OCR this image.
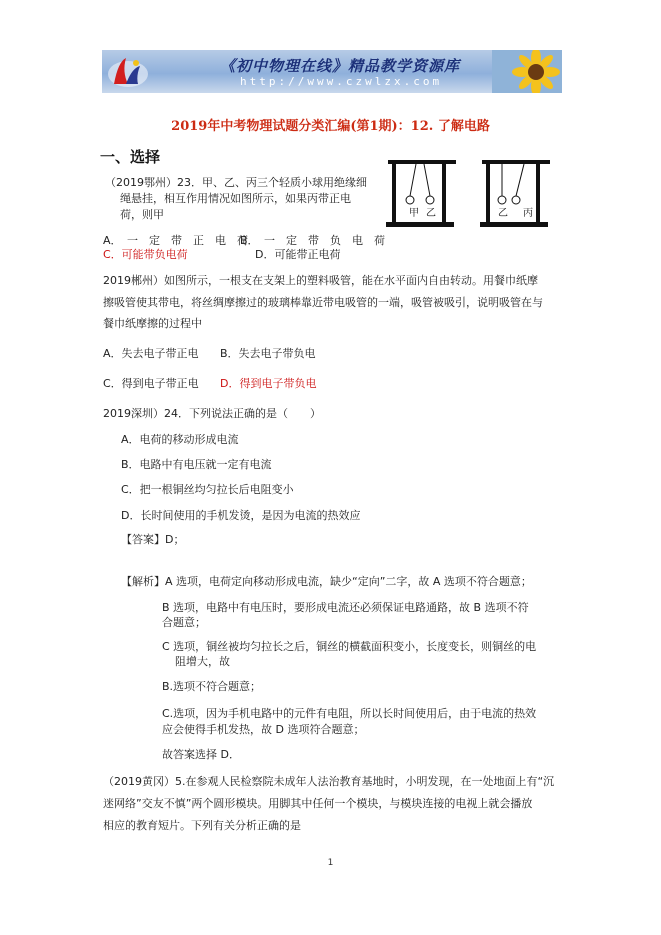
《初中物理在线》精品教学资源库
http://www.czwlzx.com
2019年中考物理试题分类汇编(第1期)：12. 了解电路
一、选择
（2019鄂州）23．甲、乙、丙三个轻质小球用绝缘细
绳悬挂，相互作用情况如图所示，如果丙带正电
荷，则甲
A．　一　定　带　正　电　荷
B．　一　定　带　负　电　荷
C．可能带负电荷	D．可能带正电荷
甲 乙	乙 丙
2019郴州）如图所示，一根支在支架上的塑料吸管，能在水平面内自由转动。用餐巾纸摩
擦吸管使其带电，将丝绸摩擦过的玻璃棒靠近带电吸管的一端，吸管被吸引，说明吸管在与
餐巾纸摩擦的过程中
A．失去电子带正电 B．失去电子带负电
C．得到电子带正电 D．得到电子带负电
2019深圳）24．下列说法正确的是（　　）
A．电荷的移动形成电流
B．电路中有电压就一定有电流
C．把一根铜丝均匀拉长后电阻变小
D．长时间使用的手机发烫，是因为电流的热效应
【答案】D；
【解析】A 选项，电荷定向移动形成电流，缺少“定向”二字，故 A 选项不符合题意；
B 选项，电路中有电压时，要形成电流还必须保证电路通路，故 B 选项不符
合题意；
C 选项，铜丝被均匀拉长之后，铜丝的横截面积变小，长度变长，则铜丝的电
阻增大，故
B.选项不符合题意；
C.选项，因为手机电路中的元件有电阻，所以长时间使用后，由于电流的热效
应会使得手机发热，故 D 选项符合题意；
故答案选择 D．
（2019黄冈）5.在参观人民检察院未成年人法治教育基地时，小明发现，在一处地面上有“沉
迷网络”交友不慎”两个圆形模块。用脚其中任何一个模块，与模块连接的电视上就会播放
相应的教育短片。下列有关分析正确的是
1
